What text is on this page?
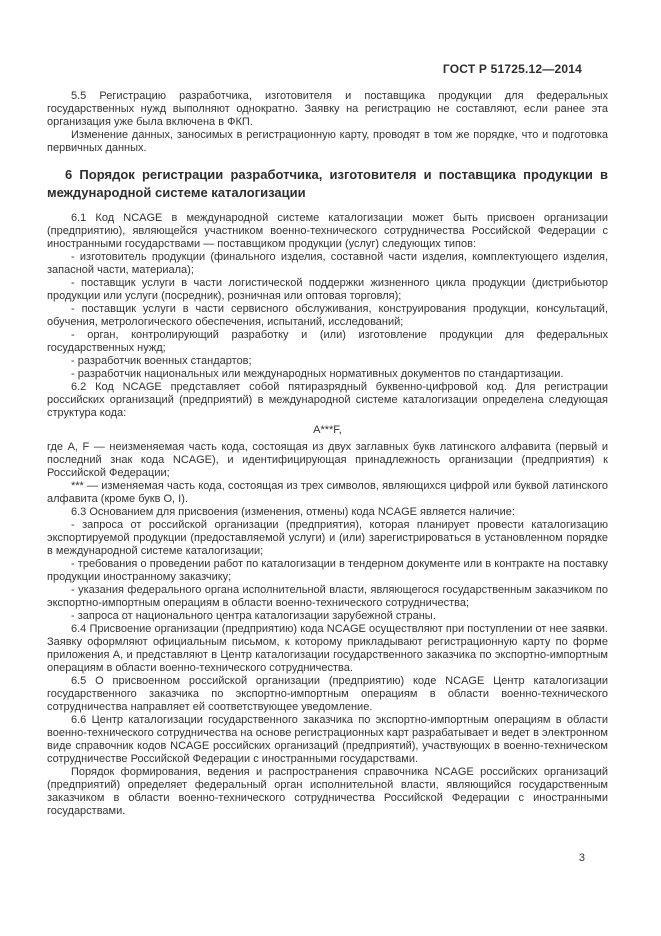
ГОСТ Р 51725.12—2014

5.5 Регистрацию разработчика, изготовителя и поставщика продукции для федеральных государственных нужд выполняют однократно. Заявку на регистрацию не составляют, если ранее эта организация уже была включена в ФКП.

Изменение данных, заносимых в регистрационную карту, проводят в том же порядке, что и подготовка первичных данных.

6 Порядок регистрации разработчика, изготовителя и поставщика продукции в международной системе каталогизации

6.1 Код NCAGE в международной системе каталогизации может быть присвоен организации (предприятию), являющейся участником военно-технического сотрудничества Российской Федерации с иностранными государствами — поставщиком продукции (услуг) следующих типов:

- изготовитель продукции (финального изделия, составной части изделия, комплектующего изделия, запасной части, материала);

- поставщик услуги в части логистической поддержки жизненного цикла продукции (дистрибьютор продукции или услуги (посредник), розничная или оптовая торговля);

- поставщик услуги в части сервисного обслуживания, конструирования продукции, консультаций, обучения, метрологического обеспечения, испытаний, исследований;

- орган, контролирующий разработку и (или) изготовление продукции для федеральных государственных нужд;

- разработчик военных стандартов;

- разработчик национальных или международных нормативных документов по стандартизации.

6.2 Код NCAGE представляет собой пятиразрядный буквенно-цифровой код. Для регистрации российских организаций (предприятий) в международной системе каталогизации определена следующая структура кода:

A***F,

где A, F — неизменяемая часть кода, состоящая из двух заглавных букв латинского алфавита (первый и последний знак кода NCAGE), и идентифицирующая принадлежность организации (предприятия) к Российской Федерации;

*** — изменяемая часть кода, состоящая из трех символов, являющихся цифрой или буквой латинского алфавита (кроме букв O, I).

6.3 Основанием для присвоения (изменения, отмены) кода NCAGE является наличие:

- запроса от российской организации (предприятия), которая планирует провести каталогизацию экспортируемой продукции (предоставляемой услуги) и (или) зарегистрироваться в установленном порядке в международной системе каталогизации;

- требования о проведении работ по каталогизации в тендерном документе или в контракте на поставку продукции иностранному заказчику;

- указания федерального органа исполнительной власти, являющегося государственным заказчиком по экспортно-импортным операциям в области военно-технического сотрудничества;

- запроса от национального центра каталогизации зарубежной страны.

6.4 Присвоение организации (предприятию) кода NCAGE осуществляют при поступлении от нее заявки. Заявку оформляют официальным письмом, к которому прикладывают регистрационную карту по форме приложения А, и представляют в Центр каталогизации государственного заказчика по экспортно-импортным операциям в области военно-технического сотрудничества.

6.5 О присвоенном российской организации (предприятию) коде NCAGE Центр каталогизации государственного заказчика по экспортно-импортным операциям в области военно-технического сотрудничества направляет ей соответствующее уведомление.

6.6 Центр каталогизации государственного заказчика по экспортно-импортным операциям в области военно-технического сотрудничества на основе регистрационных карт разрабатывает и ведет в электронном виде справочник кодов NCAGE российских организаций (предприятий), участвующих в военно-техническом сотрудничестве Российской Федерации с иностранными государствами.

Порядок формирования, ведения и распространения справочника NCAGE российских организаций (предприятий) определяет федеральный орган исполнительной власти, являющийся государственным заказчиком в области военно-технического сотрудничества Российской Федерации с иностранными государствами.

3
